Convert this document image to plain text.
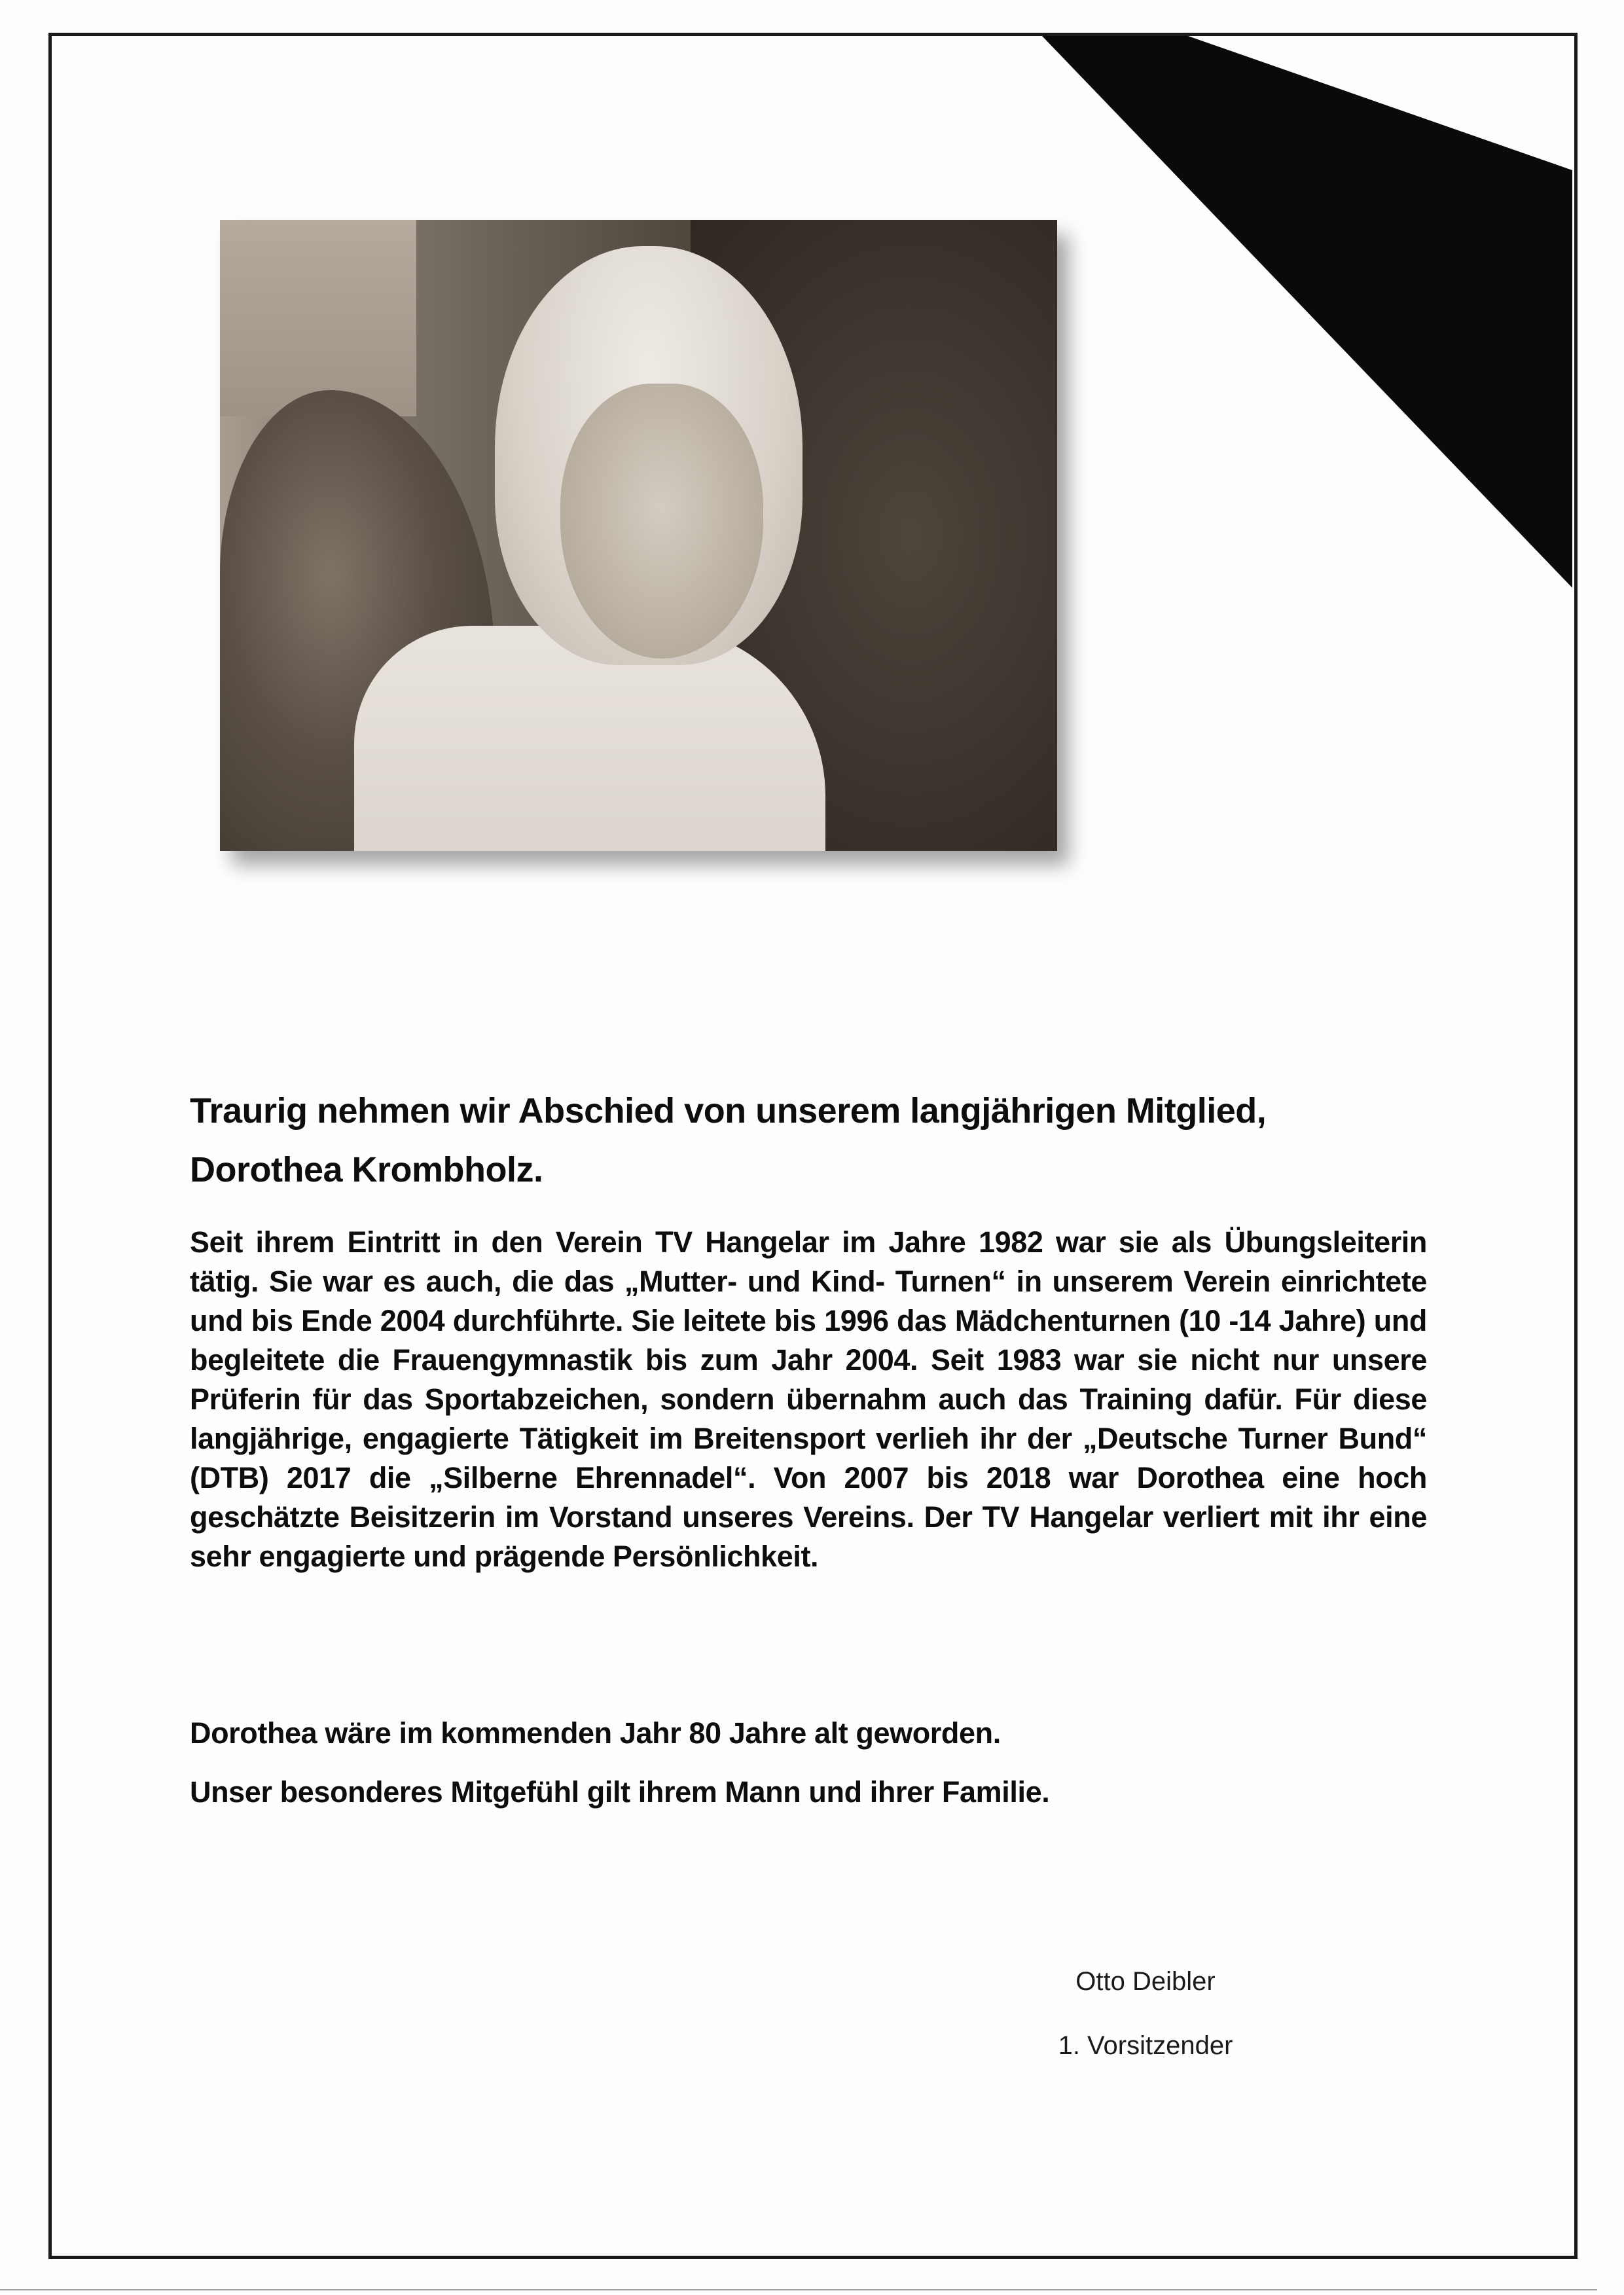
Traurig nehmen wir Abschied von unserem langjährigen Mitglied, Dorothea Krombholz.
Seit ihrem Eintritt in den Verein TV Hangelar im Jahre 1982 war sie als Übungsleiterin tätig. Sie war es auch, die das „Mutter- und Kind- Turnen“ in unserem Verein einrichtete und bis Ende 2004 durchführte. Sie leitete bis 1996 das Mädchenturnen (10 -14 Jahre) und begleitete die Frauengymnastik bis zum Jahr 2004. Seit 1983 war sie nicht nur unsere Prüferin für das Sportabzeichen, sondern übernahm auch das Training dafür. Für diese langjährige, engagierte Tätigkeit im Breitensport verlieh ihr der „Deutsche Turner Bund“ (DTB) 2017 die „Silberne Ehrennadel“. Von 2007 bis 2018 war Dorothea eine hoch geschätzte Beisitzerin im Vorstand unseres Vereins. Der TV Hangelar verliert mit ihr eine sehr engagierte und prägende Persönlichkeit.
Dorothea wäre im kommenden Jahr 80 Jahre alt geworden.
Unser besonderes Mitgefühl gilt ihrem Mann und ihrer Familie.
Otto Deibler
1. Vorsitzender
